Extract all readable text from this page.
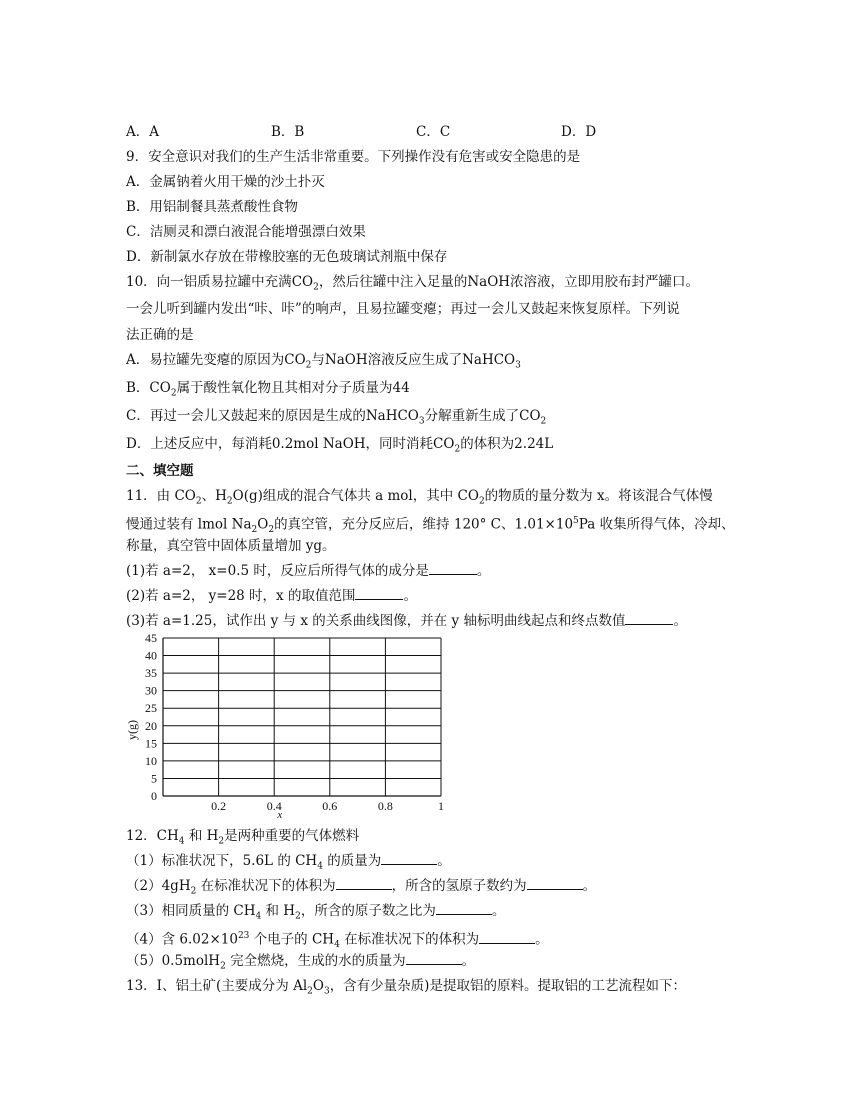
A．A	B．B	C．C	D．D
9．安全意识对我们的生产生活非常重要。下列操作没有危害或安全隐患的是
A．金属钠着火用干燥的沙土扑灭
B．用铝制餐具蒸煮酸性食物
C．洁厕灵和漂白液混合能增强漂白效果
D．新制氯水存放在带橡胶塞的无色玻璃试剂瓶中保存
10．向一铝质易拉罐中充满$CO_2$，然后往罐中注入足量的NaOH浓溶液，立即用胶布封严罐口。
一会儿听到罐内发出“咔、咔”的响声，且易拉罐变瘪；再过一会儿又鼓起来恢复原样。下列说
法正确的是
A．易拉罐先变瘪的原因为$CO_2$与NaOH溶液反应生成了NaHCO$_3$
B．$CO_2$属于酸性氧化物且其相对分子质量为44
C．再过一会儿又鼓起来的原因是生成的NaHCO$_3$分解重新生成了$CO_2$
D．上述反应中，每消耗0.2mol NaOH，同时消耗$CO_2$的体积为2.24L
二、填空题
11．由 $CO_2$、$H_2O(g)$组成的混合气体共 a mol，其中 $CO_2$的物质的量分数为 x。将该混合气体慢
慢通过装有 lmol $Na_2O_2$的真空管，充分反应后，维持 120° C、$1.01\times 10^5Pa$ 收集所得气体，冷却、
称量，真空管中固体质量增加 yg。
(1)若 a=2， x=0.5 时，反应后所得气体的成分是	。
(2)若 a=2， y=28 时，x 的取值范围	。
(3)若 a=1.25，试作出 y 与 x 的关系曲线图像，并在 y 轴标明曲线起点和终点数值	。
0
5
10
15
20
25
30
35
40
45
0.2	0.4	0.6	0.8	1
y(g)
x
12．$CH_4$ 和 $H_2$是两种重要的气体燃料
（1）标准状况下，5.6L 的 $CH_4$ 的质量为	。
$(2)4gH_2$ 在标准状况下的体积为	，所含的氢原子数约为	。
（3）相同质量的 $CH_4$ 和 $H_2$，所含的原子数之比为	。
（4）含 $6.02\times 10^{23}$ 个电子的 $CH_4$ 在标准状况下的体积为	。
（5）0.5molH$_2$ 完全燃烧，生成的水的质量为	。
13．Ⅰ、铝土矿(主要成分为 $Al_2O_3$，含有少量杂质)是提取铝的原料。提取铝的工艺流程如下：
